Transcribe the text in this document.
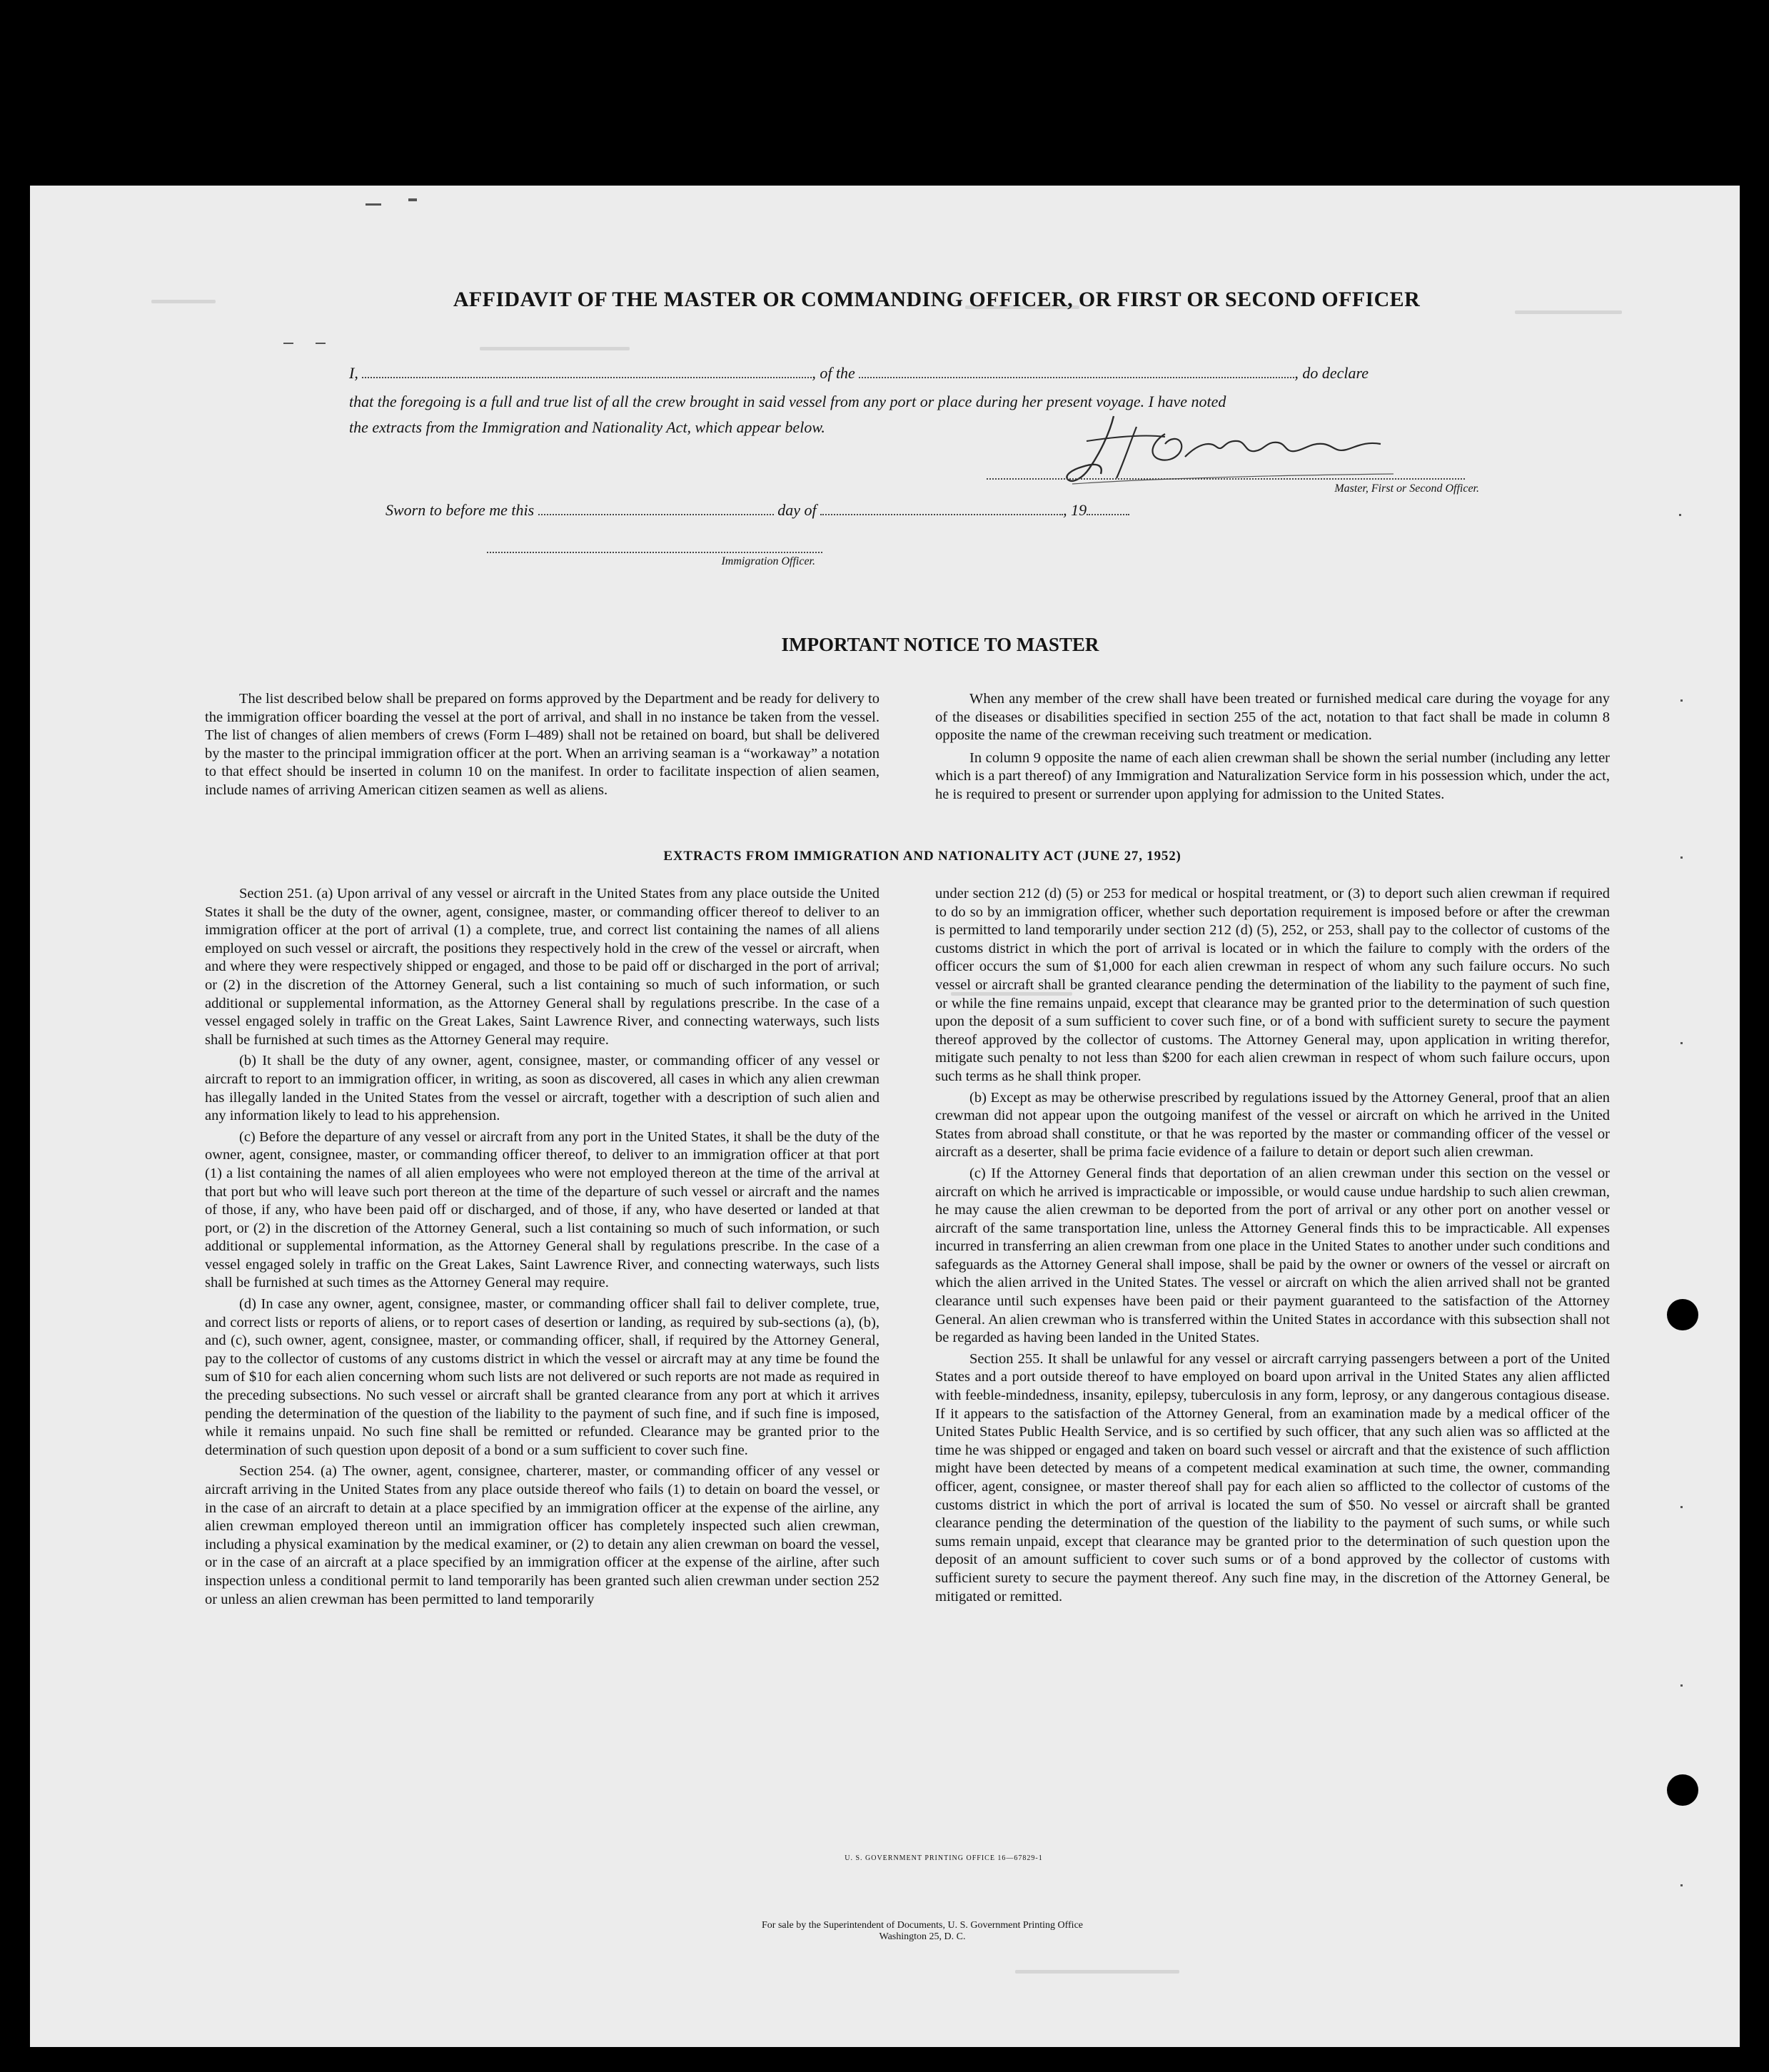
AFFIDAVIT OF THE MASTER OR COMMANDING OFFICER, OR FIRST OR SECOND OFFICER
I,	, of the	, do declare
that the foregoing is a full and true list of all the crew brought in said vessel from any port or place during her present voyage. I have noted
the extracts from the Immigration and Nationality Act, which appear below.
Master, First or Second Officer.
Sworn to before me this	day of	, 19
Immigration Officer.
IMPORTANT NOTICE TO MASTER

The list described below shall be prepared on forms approved by the Department and be ready for delivery to the immigration officer boarding the vessel at the port of arrival, and shall in no instance be taken from the vessel. The list of changes of alien members of crews (Form I–489) shall not be retained on board, but shall be delivered by the master to the principal immigration officer at the port. When an arriving seaman is a “workaway” a notation to that effect should be inserted in column 10 on the manifest. In order to facilitate inspection of alien seamen, include names of arriving American citizen seamen as well as aliens.

When any member of the crew shall have been treated or furnished medical care during the voyage for any of the diseases or disabilities specified in section 255 of the act, notation to that fact shall be made in column 8 opposite the name of the crewman receiving such treatment or medication.

In column 9 opposite the name of each alien crewman shall be shown the serial number (including any letter which is a part thereof) of any Immigration and Naturalization Service form in his possession which, under the act, he is required to present or surrender upon applying for admission to the United States.

EXTRACTS FROM IMMIGRATION AND NATIONALITY ACT (JUNE 27, 1952)

Section 251. (a) Upon arrival of any vessel or aircraft in the United States from any place outside the United States it shall be the duty of the owner, agent, consignee, master, or commanding officer thereof to deliver to an immigration officer at the port of arrival (1) a complete, true, and correct list containing the names of all aliens employed on such vessel or aircraft, the positions they respectively hold in the crew of the vessel or aircraft, when and where they were respectively shipped or engaged, and those to be paid off or discharged in the port of arrival; or (2) in the discretion of the Attorney General, such a list containing so much of such information, or such additional or supplemental information, as the Attorney General shall by regulations prescribe. In the case of a vessel engaged solely in traffic on the Great Lakes, Saint Lawrence River, and connecting waterways, such lists shall be furnished at such times as the Attorney General may require.

(b) It shall be the duty of any owner, agent, consignee, master, or commanding officer of any vessel or aircraft to report to an immigration officer, in writing, as soon as discovered, all cases in which any alien crewman has illegally landed in the United States from the vessel or aircraft, together with a description of such alien and any information likely to lead to his apprehension.

(c) Before the departure of any vessel or aircraft from any port in the United States, it shall be the duty of the owner, agent, consignee, master, or commanding officer thereof, to deliver to an immigration officer at that port (1) a list containing the names of all alien employees who were not employed thereon at the time of the arrival at that port but who will leave such port thereon at the time of the departure of such vessel or aircraft and the names of those, if any, who have been paid off or discharged, and of those, if any, who have deserted or landed at that port, or (2) in the discretion of the Attorney General, such a list containing so much of such information, or such additional or supplemental information, as the Attorney General shall by regulations prescribe. In the case of a vessel engaged solely in traffic on the Great Lakes, Saint Lawrence River, and connecting waterways, such lists shall be furnished at such times as the Attorney General may require.

(d) In case any owner, agent, consignee, master, or commanding officer shall fail to deliver complete, true, and correct lists or reports of aliens, or to report cases of desertion or landing, as required by sub-sections (a), (b), and (c), such owner, agent, consignee, master, or commanding officer, shall, if required by the Attorney General, pay to the collector of customs of any customs district in which the vessel or aircraft may at any time be found the sum of $10 for each alien concerning whom such lists are not delivered or such reports are not made as required in the preceding subsections. No such vessel or aircraft shall be granted clearance from any port at which it arrives pending the determination of the question of the liability to the payment of such fine, and if such fine is imposed, while it remains unpaid. No such fine shall be remitted or refunded. Clearance may be granted prior to the determination of such question upon deposit of a bond or a sum sufficient to cover such fine.

Section 254. (a) The owner, agent, consignee, charterer, master, or commanding officer of any vessel or aircraft arriving in the United States from any place outside thereof who fails (1) to detain on board the vessel, or in the case of an aircraft to detain at a place specified by an immigration officer at the expense of the airline, any alien crewman employed thereon until an immigration officer has completely inspected such alien crewman, including a physical examination by the medical examiner, or (2) to detain any alien crewman on board the vessel, or in the case of an aircraft at a place specified by an immigration officer at the expense of the airline, after such inspection unless a conditional permit to land temporarily has been granted such alien crewman under section 252 or unless an alien crewman has been permitted to land temporarily

under section 212 (d) (5) or 253 for medical or hospital treatment, or (3) to deport such alien crewman if required to do so by an immigration officer, whether such deportation requirement is imposed before or after the crewman is permitted to land temporarily under section 212 (d) (5), 252, or 253, shall pay to the collector of customs of the customs district in which the port of arrival is located or in which the failure to comply with the orders of the officer occurs the sum of $1,000 for each alien crewman in respect of whom any such failure occurs. No such vessel or aircraft shall be granted clearance pending the determination of the liability to the payment of such fine, or while the fine remains unpaid, except that clearance may be granted prior to the determination of such question upon the deposit of a sum sufficient to cover such fine, or of a bond with sufficient surety to secure the payment thereof approved by the collector of customs. The Attorney General may, upon application in writing therefor, mitigate such penalty to not less than $200 for each alien crewman in respect of whom such failure occurs, upon such terms as he shall think proper.

(b) Except as may be otherwise prescribed by regulations issued by the Attorney General, proof that an alien crewman did not appear upon the outgoing manifest of the vessel or aircraft on which he arrived in the United States from abroad shall constitute, or that he was reported by the master or commanding officer of the vessel or aircraft as a deserter, shall be prima facie evidence of a failure to detain or deport such alien crewman.

(c) If the Attorney General finds that deportation of an alien crewman under this section on the vessel or aircraft on which he arrived is impracticable or impossible, or would cause undue hardship to such alien crewman, he may cause the alien crewman to be deported from the port of arrival or any other port on another vessel or aircraft of the same transportation line, unless the Attorney General finds this to be impracticable. All expenses incurred in transferring an alien crewman from one place in the United States to another under such conditions and safeguards as the Attorney General shall impose, shall be paid by the owner or owners of the vessel or aircraft on which the alien arrived in the United States. The vessel or aircraft on which the alien arrived shall not be granted clearance until such expenses have been paid or their payment guaranteed to the satisfaction of the Attorney General. An alien crewman who is transferred within the United States in accordance with this subsection shall not be regarded as having been landed in the United States.

Section 255. It shall be unlawful for any vessel or aircraft carrying passengers between a port of the United States and a port outside thereof to have employed on board upon arrival in the United States any alien afflicted with feeble-mindedness, insanity, epilepsy, tuberculosis in any form, leprosy, or any dangerous contagious disease. If it appears to the satisfaction of the Attorney General, from an examination made by a medical officer of the United States Public Health Service, and is so certified by such officer, that any such alien was so afflicted at the time he was shipped or engaged and taken on board such vessel or aircraft and that the existence of such affliction might have been detected by means of a competent medical examination at such time, the owner, commanding officer, agent, consignee, or master thereof shall pay for each alien so afflicted to the collector of customs of the customs district in which the port of arrival is located the sum of $50. No vessel or aircraft shall be granted clearance pending the determination of the question of the liability to the payment of such sums, or while such sums remain unpaid, except that clearance may be granted prior to the determination of such question upon the deposit of an amount sufficient to cover such sums or of a bond approved by the collector of customs with sufficient surety to secure the payment thereof. Any such fine may, in the discretion of the Attorney General, be mitigated or remitted.

U. S. GOVERNMENT PRINTING OFFICE 16—67829-1
For sale by the Superintendent of Documents, U. S. Government Printing Office
Washington 25, D. C.
